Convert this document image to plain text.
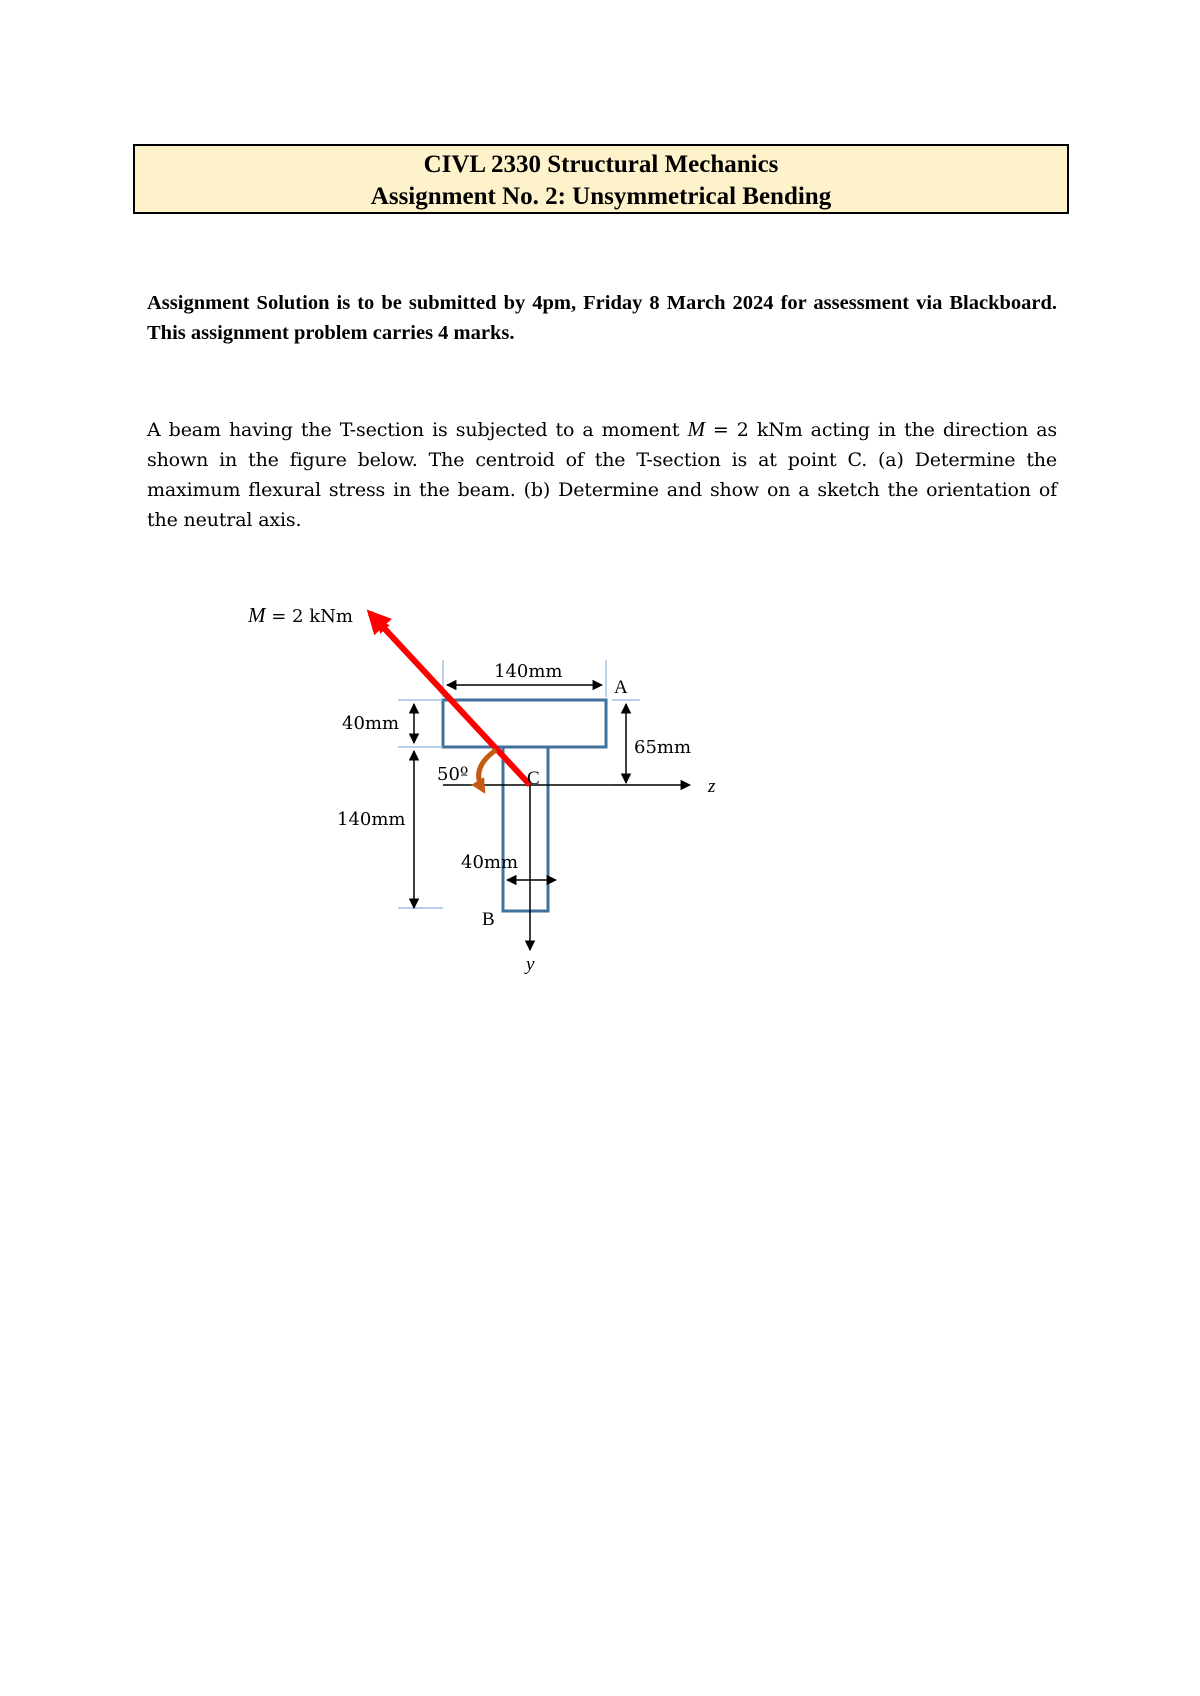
CIVL 2330 Structural Mechanics
Assignment No. 2: Unsymmetrical Bending
Assignment Solution is to be submitted by 4pm, Friday 8 March 2024 for assessment via Blackboard. This assignment problem carries 4 marks.
A beam having the T-section is subjected to a moment M = 2 kNm acting in the direction as shown in the figure below. The centroid of the T-section is at point C. (a) Determine the maximum flexural stress in the beam. (b) Determine and show on a sketch the orientation of the neutral axis.
M = 2 kNm
140mm
40mm
140mm
40mm
65mm
50º
A
B
C	z
y
